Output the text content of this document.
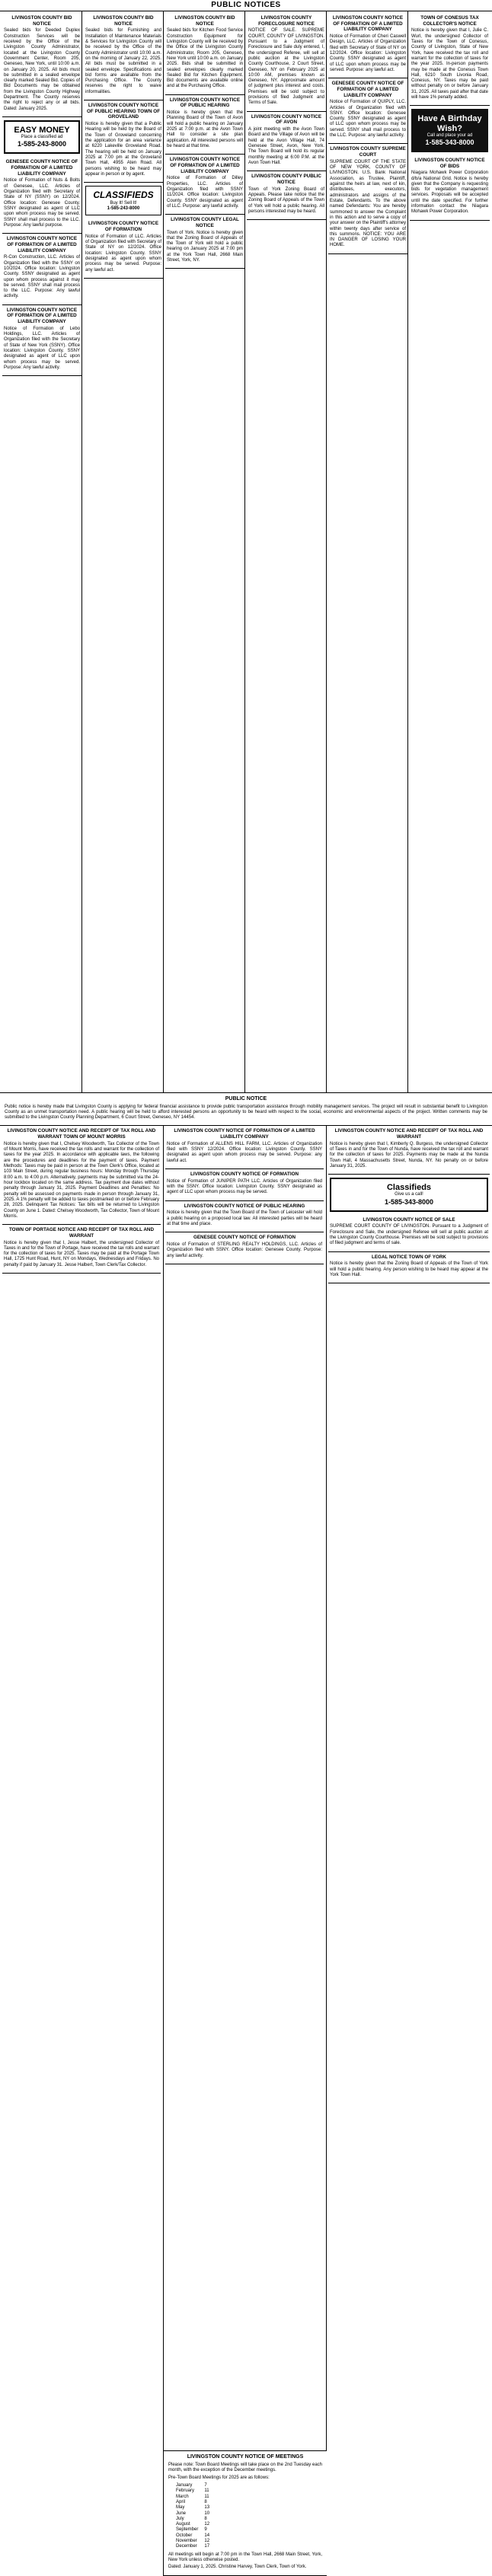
PUBLIC NOTICES
LIVINGSTON COUNTY BID NOTICE

Sealed bids for Deeded Duplex Construction Services will be received by the Office of the Livingston County Administrator, located at the Livingston County Government Center, Room 205, Geneseo, New York, until 10:00 a.m. on January 20, 2025. All bids must be submitted in a sealed envelope clearly marked Sealed Bid. Copies of Bid Documents may be obtained from the Livingston County Highway Department. The County reserves the right to reject any or all bids. Dated: January 2025.

EASY MONEY
Place a classified ad
1-585-243-8000
GENESEE COUNTY NOTICE OF FORMATION OF A LIMITED LIABILITY COMPANY

Notice of Formation of Nuts & Bolts of Genesee, LLC. Articles of Organization filed with Secretary of State of NY (SSNY) on 12/2024. Office location: Genesee County. SSNY designated as agent of LLC upon whom process may be served. SSNY shall mail process to the LLC. Purpose: Any lawful purpose.

LIVINGSTON COUNTY NOTICE OF FORMATION OF A LIMITED LIABILITY COMPANY

R-Con Construction, LLC. Articles of Organization filed with the SSNY on 10/2024. Office location: Livingston County. SSNY designated as agent upon whom process against it may be served. SSNY shall mail process to the LLC. Purpose: Any lawful activity.

LIVINGSTON COUNTY NOTICE OF FORMATION OF A LIMITED LIABILITY COMPANY

Notice of Formation of Lebo Holdings, LLC. Articles of Organization filed with the Secretary of State of New York (SSNY). Office location: Livingston County. SSNY designated as agent of LLC upon whom process may be served. Purpose: Any lawful activity.

LIVINGSTON COUNTY BID NOTICE

Sealed bids for Furnishing and Installation of Maintenance Materials & Services for Livingston County will be received by the Office of the County Administrator until 10:00 a.m. on the morning of January 22, 2025. All bids must be submitted in a sealed envelope. Specifications and bid forms are available from the Purchasing Office. The County reserves the right to waive informalities.

LIVINGSTON COUNTY NOTICE OF PUBLIC HEARING TOWN OF GROVELAND

Notice is hereby given that a Public Hearing will be held by the Board of the Town of Groveland concerning the application for an area variance at 6220 Lakeville Groveland Road. The hearing will be held on January 2025 at 7:00 pm at the Groveland Town Hall, 4955 Aten Road. All persons wishing to be heard may appear in person or by agent.

CLASSIFIEDS
Buy It! Sell It!
1-585-243-8000
LIVINGSTON COUNTY NOTICE OF FORMATION

Notice of Formation of LLC. Articles of Organization filed with Secretary of State of NY on 12/2024. Office location: Livingston County. SSNY designated as agent upon whom process may be served. Purpose: any lawful act.

LIVINGSTON COUNTY BID NOTICE

Sealed bids for Kitchen Food Service Construction Equipment for Livingston County will be received by the Office of the Livingston County Administrator, Room 205, Geneseo, New York until 10:00 a.m. on January 2025. Bids shall be submitted in sealed envelopes clearly marked Sealed Bid for Kitchen Equipment. Bid documents are available online and at the Purchasing Office.

LIVINGSTON COUNTY NOTICE OF PUBLIC HEARING

Notice is hereby given that the Planning Board of the Town of Avon will hold a public hearing on January 2025 at 7:00 p.m. at the Avon Town Hall to consider a site plan application. All interested persons will be heard at that time.

LIVINGSTON COUNTY NOTICE OF FORMATION OF A LIMITED LIABILITY COMPANY

Notice of Formation of Dilley Properties, LLC. Articles of Organization filed with SSNY 11/2024. Office location: Livingston County. SSNY designated as agent of LLC. Purpose: any lawful activity.

LIVINGSTON COUNTY LEGAL NOTICE

Town of York. Notice is hereby given that the Zoning Board of Appeals of the Town of York will hold a public hearing on January 2025 at 7:00 pm at the York Town Hall, 2668 Main Street, York, NY.

LIVINGSTON COUNTY FORECLOSURE NOTICE

NOTICE OF SALE. SUPREME COURT, COUNTY OF LIVINGSTON. Pursuant to a Judgment of Foreclosure and Sale duly entered, I, the undersigned Referee, will sell at public auction at the Livingston County Courthouse, 2 Court Street, Geneseo, NY on February 2025 at 10:00 AM, premises known as Geneseo, NY. Approximate amount of judgment plus interest and costs. Premises will be sold subject to provisions of filed Judgment and Terms of Sale.

LIVINGSTON COUNTY NOTICE OF AVON

A joint meeting with the Avon Town Board and the Village of Avon will be held at the Avon Village Hall, 74 Genesee Street, Avon, New York. The Town Board will hold its regular monthly meeting at 6:00 P.M. at the Avon Town Hall.

LIVINGSTON COUNTY PUBLIC NOTICE

Town of York Zoning Board of Appeals. Please take notice that the Zoning Board of Appeals of the Town of York will hold a public hearing. All persons interested may be heard.

LIVINGSTON COUNTY NOTICE OF FORMATION OF A LIMITED LIABILITY COMPANY

Notice of Formation of Cheri Caswell Design, LLC. Articles of Organization filed with Secretary of State of NY on 12/2024. Office location: Livingston County. SSNY designated as agent of LLC upon whom process may be served. Purpose: any lawful act.

GENESEE COUNTY NOTICE OF FORMATION OF A LIMITED LIABILITY COMPANY

Notice of Formation of QUIPLY, LLC. Articles of Organization filed with SSNY. Office location: Genesee County. SSNY designated as agent of LLC upon whom process may be served. SSNY shall mail process to the LLC. Purpose: any lawful activity.

LIVINGSTON COUNTY SUPREME COURT

SUPREME COURT OF THE STATE OF NEW YORK, COUNTY OF LIVINGSTON. U.S. Bank National Association, as Trustee, Plaintiff, against the heirs at law, next of kin, distributees, executors, administrators and assigns of the Estate, Defendants. To the above named Defendants: You are hereby summoned to answer the Complaint in this action and to serve a copy of your answer on the Plaintiff's attorney within twenty days after service of this summons. NOTICE: YOU ARE IN DANGER OF LOSING YOUR HOME.

TOWN OF CONESUS TAX COLLECTOR'S NOTICE

Notice is hereby given that I, Julie C. Wurl, the undersigned Collector of Taxes for the Town of Conesus, County of Livingston, State of New York, have received the tax roll and warrant for the collection of taxes for the year 2025. In-person payments may be made at the Conesus Town Hall, 6210 South Livonia Road, Conesus, NY. Taxes may be paid without penalty on or before January 31, 2025. All taxes paid after that date will have 1% penalty added.

Have A Birthday Wish?
Call and place your ad
1-585-343-8000
LIVINGSTON COUNTY NOTICE OF BIDS

Niagara Mohawk Power Corporation d/b/a National Grid. Notice is hereby given that the Company is requesting bids for vegetation management services. Proposals will be accepted until the date specified. For further information contact the Niagara Mohawk Power Corporation.

PUBLIC NOTICE

Public notice is hereby made that Livingston County is applying for federal financial assistance to provide public transportation assistance through mobility management services. The project will result in substantial benefit to Livingston County as an unmet transportation need. A public hearing will be held to afford interested persons an opportunity to be heard with respect to the social, economic and environmental aspects of the project. Written comments may be submitted to the Livingston County Planning Department, 6 Court Street, Geneseo, NY 14454.

LIVINGSTON COUNTY NOTICE AND RECEIPT OF TAX ROLL AND WARRANT TOWN OF MOUNT MORRIS

Notice is hereby given that I, Chelsey Woodworth, Tax Collector of the Town of Mount Morris, have received the tax rolls and warrant for the collection of taxes for the year 2025. In accordance with applicable laws, the following are the procedures and deadlines for the payment of taxes. Payment Methods: Taxes may be paid in person at the Town Clerk's Office, located at 103 Main Street, during regular business hours: Monday through Thursday 8:00 a.m. to 4:00 p.m. Alternatively, payments may be submitted via the 24-hour lockbox located on the same address. Tax payment due dates without penalty through January 31, 2025. Payment Deadlines and Penalties: No penalty will be assessed on payments made in person through January 31, 2025. A 1% penalty will be added to taxes postmarked on or before February 28, 2025. Delinquent Tax Notices: Tax bills will be returned to Livingston County on June 1. Dated: Chelsey Woodworth, Tax Collector, Town of Mount Morris.

TOWN OF PORTAGE NOTICE AND RECEIPT OF TAX ROLL AND WARRANT

Notice is hereby given that I, Jesse Halbert, the undersigned Collector of Taxes in and for the Town of Portage, have received the tax rolls and warrant for the collection of taxes for 2025. Taxes may be paid at the Portage Town Hall, 1725 Hunt Road, Hunt, NY on Mondays, Wednesdays and Fridays. No penalty if paid by January 31. Jesse Halbert, Town Clerk/Tax Collector.

LIVINGSTON COUNTY NOTICE OF FORMATION OF A LIMITED LIABILITY COMPANY

Notice of Formation of ALLENS HILL FARM, LLC. Articles of Organization filed with SSNY 12/2024. Office location: Livingston County. SSNY designated as agent upon whom process may be served. Purpose: any lawful act.

LIVINGSTON COUNTY NOTICE OF FORMATION

Notice of Formation of JUNIPER PATH LLC. Articles of Organization filed with the SSNY. Office location: Livingston County. SSNY designated as agent of LLC upon whom process may be served.

LIVINGSTON COUNTY NOTICE OF PUBLIC HEARING

Notice is hereby given that the Town Board of the Town of Leicester will hold a public hearing on a proposed local law. All interested parties will be heard at that time and place.

GENESEE COUNTY NOTICE OF FORMATION

Notice of Formation of STERLING REALTY HOLDINGS, LLC. Articles of Organization filed with SSNY. Office location: Genesee County. Purpose: any lawful activity.

LIVINGSTON COUNTY NOTICE AND RECEIPT OF TAX ROLL AND WARRANT

Notice is hereby given that I, Kimberly Q. Burgess, the undersigned Collector of Taxes in and for the Town of Nunda, have received the tax roll and warrant for the collection of taxes for 2025. Payments may be made at the Nunda Town Hall, 4 Massachusetts Street, Nunda, NY. No penalty on or before January 31, 2025.

Classifieds
Give us a call!
1-585-343-8000
LIVINGSTON COUNTY NOTICE OF SALE

SUPREME COURT COUNTY OF LIVINGSTON. Pursuant to a Judgment of Foreclosure and Sale, the undersigned Referee will sell at public auction at the Livingston County Courthouse. Premises will be sold subject to provisions of filed judgment and terms of sale.

LEGAL NOTICE TOWN OF YORK

Notice is hereby given that the Zoning Board of Appeals of the Town of York will hold a public hearing. Any person wishing to be heard may appear at the York Town Hall.

LIVINGSTON COUNTY NOTICE OF MEETINGS

Please note: Town Board Meetings will take place on the 2nd Tuesday each month, with the exception of the December meetings.

Pre-Town Board Meetings for 2025 are as follows:

January	7
February	11
March	11
April	8
May	13
June	10
July	8
August	12
September	9
October	14
November	12
December	17

All meetings will begin at 7:00 pm in the Town Hall, 2668 Main Street, York, New York unless otherwise posted.

Dated: January 1, 2025. Christine Harvey, Town Clerk, Town of York.
